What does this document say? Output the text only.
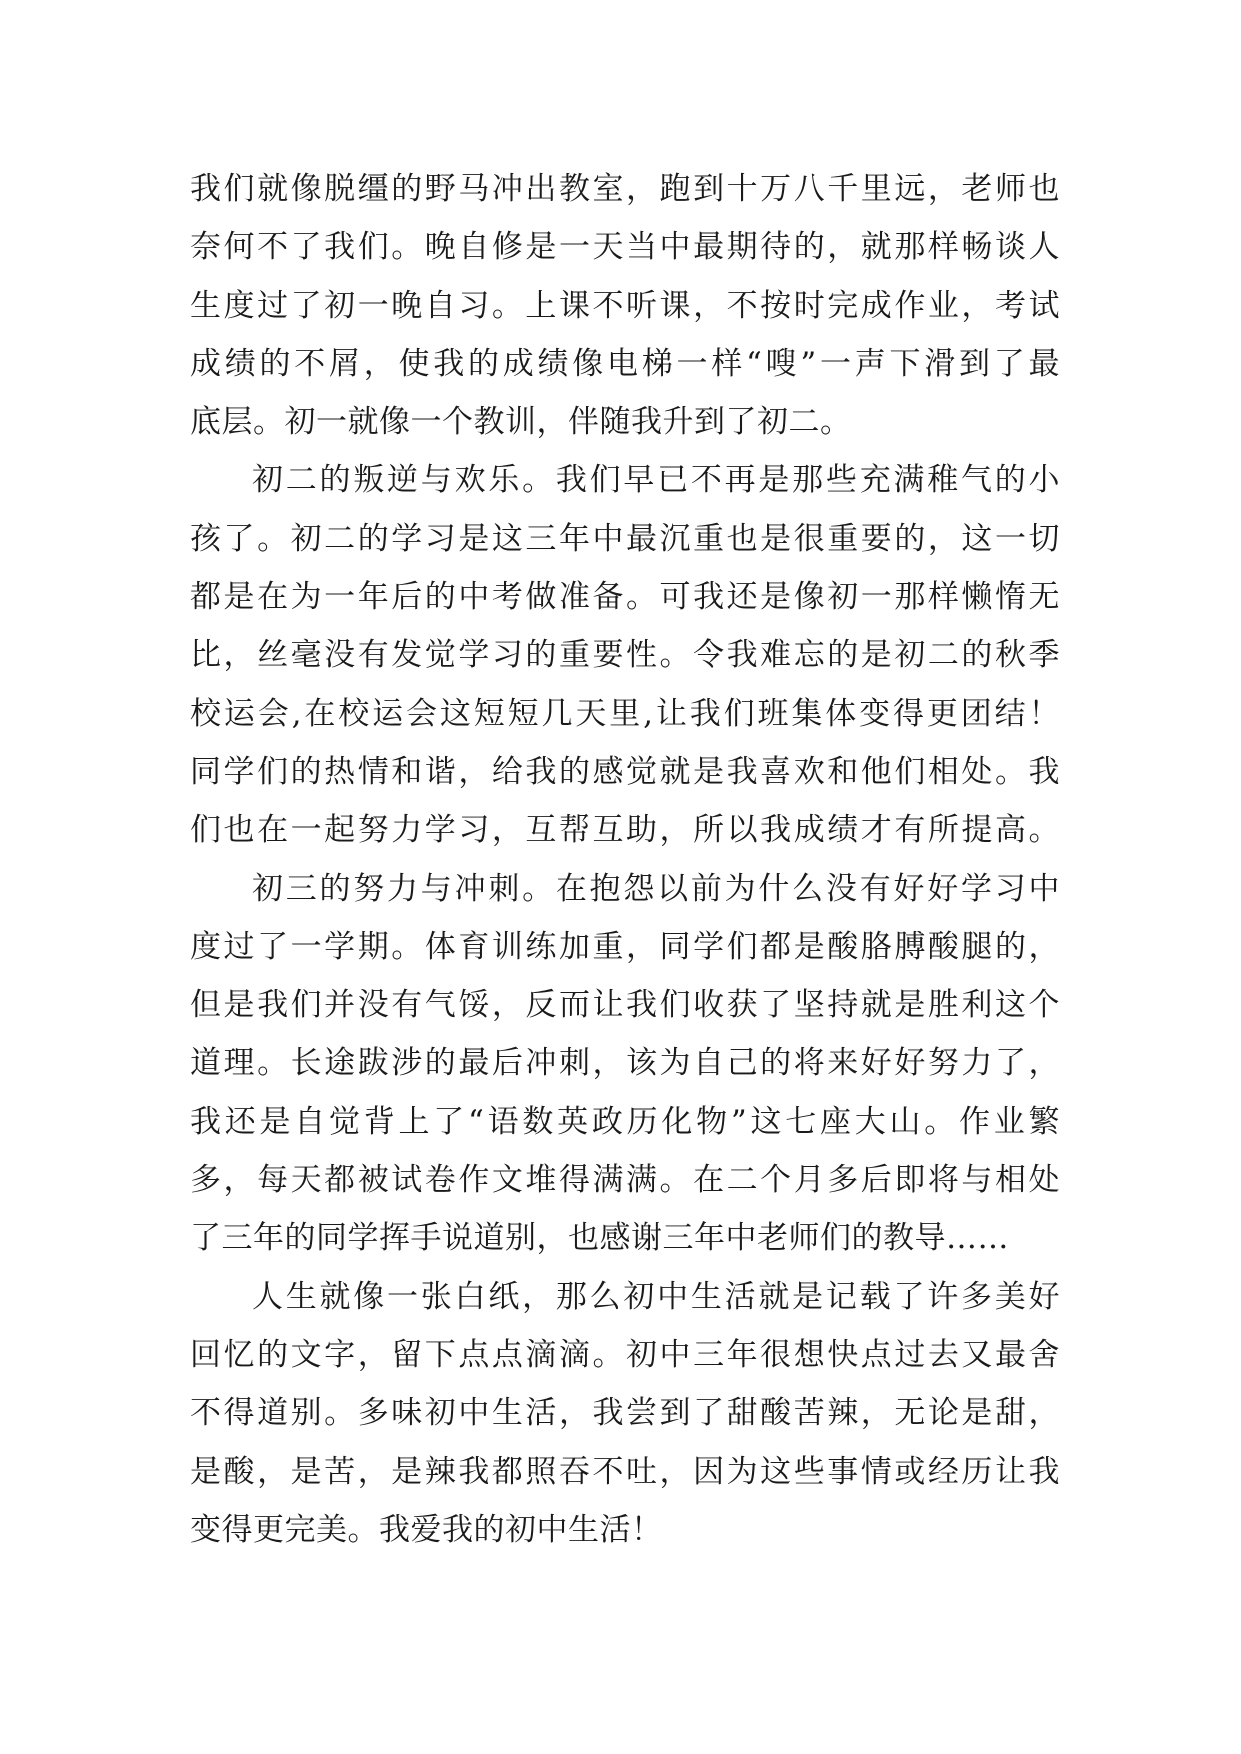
我们就像脱缰的野马冲出教室，跑到十万八千里远，老师也
奈何不了我们。晚自修是一天当中最期待的，就那样畅谈人
生度过了初一晚自习。上课不听课，不按时完成作业，考试
成绩的不屑，使我的成绩像电梯一样“嗖”一声下滑到了最
底层。初一就像一个教训，伴随我升到了初二。
初二的叛逆与欢乐。我们早已不再是那些充满稚气的小
孩了。初二的学习是这三年中最沉重也是很重要的，这一切
都是在为一年后的中考做准备。可我还是像初一那样懒惰无
比，丝毫没有发觉学习的重要性。令我难忘的是初二的秋季
校运会,在校运会这短短几天里,让我们班集体变得更团结！
同学们的热情和谐，给我的感觉就是我喜欢和他们相处。我
们也在一起努力学习，互帮互助，所以我成绩才有所提高。
初三的努力与冲刺。在抱怨以前为什么没有好好学习中
度过了一学期。体育训练加重，同学们都是酸胳膊酸腿的，
但是我们并没有气馁，反而让我们收获了坚持就是胜利这个
道理。长途跋涉的最后冲刺，该为自己的将来好好努力了，
我还是自觉背上了“语数英政历化物”这七座大山。作业繁
多，每天都被试卷作文堆得满满。在二个月多后即将与相处
了三年的同学挥手说道别，也感谢三年中老师们的教导……
人生就像一张白纸，那么初中生活就是记载了许多美好
回忆的文字，留下点点滴滴。初中三年很想快点过去又最舍
不得道别。多味初中生活，我尝到了甜酸苦辣，无论是甜，
是酸，是苦，是辣我都照吞不吐，因为这些事情或经历让我
变得更完美。我爱我的初中生活！
